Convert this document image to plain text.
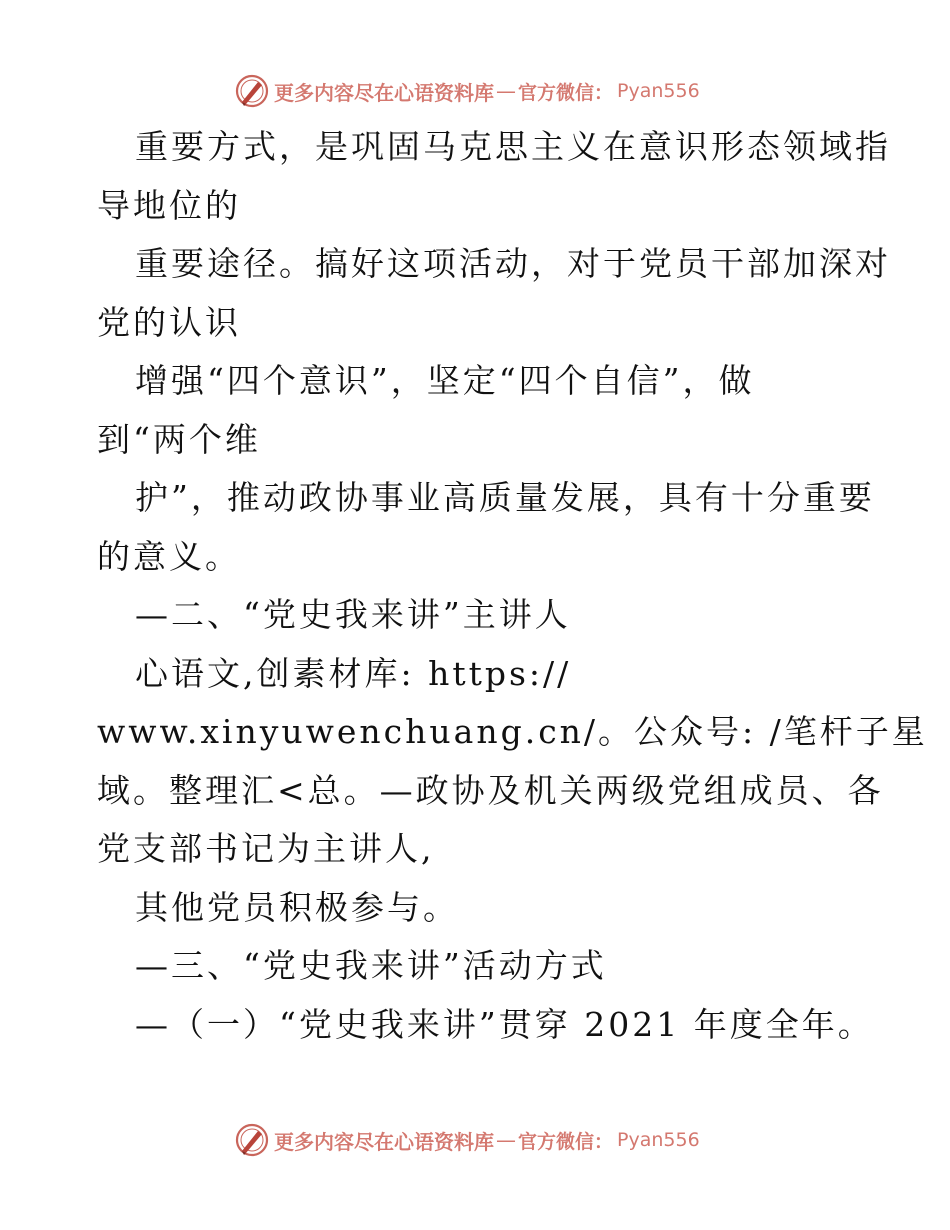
更多内容尽在心语资料库 — 官方微信： Pyan556
重要方式，是巩固马克思主义在意识形态领域指
导地位的
重要途径。搞好这项活动，对于党员干部加深对
党的认识
增强“四个意识”，坚定“四个自信”，做
到“两个维
护”，推动政协事业高质量发展，具有十分重要
的意义。
—二、“党史我来讲”主讲人
心语文,创素材库: https://
www.xinyuwenchuang.cn/。公众号: /笔杆子星
域。整理汇<总。—政协及机关两级党组成员、各
党支部书记为主讲人,
其他党员积极参与。
—三、“党史我来讲”活动方式
—（一）“党史我来讲”贯穿 2021 年度全年。
更多内容尽在心语资料库 — 官方微信： Pyan556
